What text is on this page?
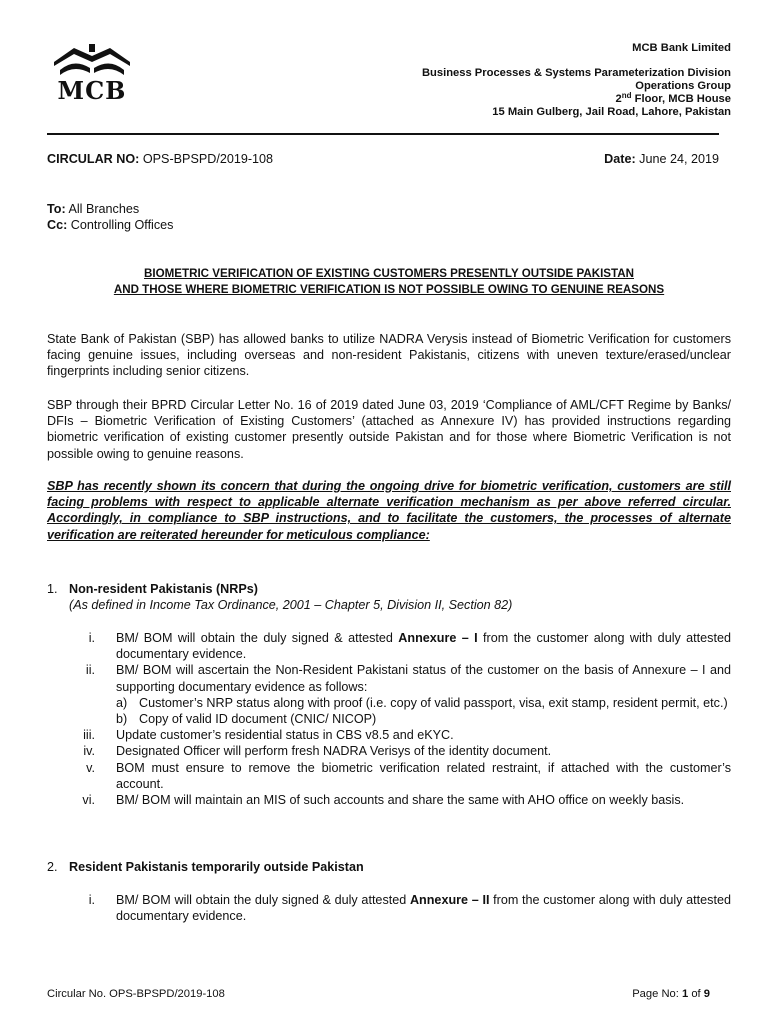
MCB
MCB Bank Limited
Business Processes & Systems Parameterization Division
Operations Group
2nd Floor, MCB House
15 Main Gulberg, Jail Road, Lahore, Pakistan
CIRCULAR NO: OPS-BPSPD/2019-108	Date: June 24, 2019
To: All Branches
Cc: Controlling Offices
BIOMETRIC VERIFICATION OF EXISTING CUSTOMERS PRESENTLY OUTSIDE PAKISTAN
AND THOSE WHERE BIOMETRIC VERIFICATION IS NOT POSSIBLE OWING TO GENUINE REASONS
State Bank of Pakistan (SBP) has allowed banks to utilize NADRA Verysis instead of Biometric Verification for customers facing genuine issues, including overseas and non-resident Pakistanis, citizens with uneven texture/erased/unclear fingerprints including senior citizens.
SBP through their BPRD Circular Letter No. 16 of 2019 dated June 03, 2019 ‘Compliance of AML/CFT Regime by Banks/ DFIs – Biometric Verification of Existing Customers’ (attached as Annexure IV) has provided instructions regarding biometric verification of existing customer presently outside Pakistan and for those where Biometric Verification is not possible owing to genuine reasons.
SBP has recently shown its concern that during the ongoing drive for biometric verification, customers are still facing problems with respect to applicable alternate verification mechanism as per above referred circular. Accordingly, in compliance to SBP instructions, and to facilitate the customers, the processes of alternate verification are reiterated hereunder for meticulous compliance:
1. Non-resident Pakistanis (NRPs)
(As defined in Income Tax Ordinance, 2001 – Chapter 5, Division II, Section 82)
i. BM/ BOM will obtain the duly signed & attested Annexure – I from the customer along with duly attested documentary evidence.
ii. BM/ BOM will ascertain the Non-Resident Pakistani status of the customer on the basis of Annexure – I and supporting documentary evidence as follows:
a) Customer’s NRP status along with proof (i.e. copy of valid passport, visa, exit stamp, resident permit, etc.)
b) Copy of valid ID document (CNIC/ NICOP)
iii. Update customer’s residential status in CBS v8.5 and eKYC.
iv. Designated Officer will perform fresh NADRA Verisys of the identity document.
v. BOM must ensure to remove the biometric verification related restraint, if attached with the customer’s account.
vi. BM/ BOM will maintain an MIS of such accounts and share the same with AHO office on weekly basis.
2. Resident Pakistanis temporarily outside Pakistan
i. BM/ BOM will obtain the duly signed & duly attested Annexure – II from the customer along with duly attested documentary evidence.
Circular No. OPS-BPSPD/2019-108	Page No: 1 of 9
